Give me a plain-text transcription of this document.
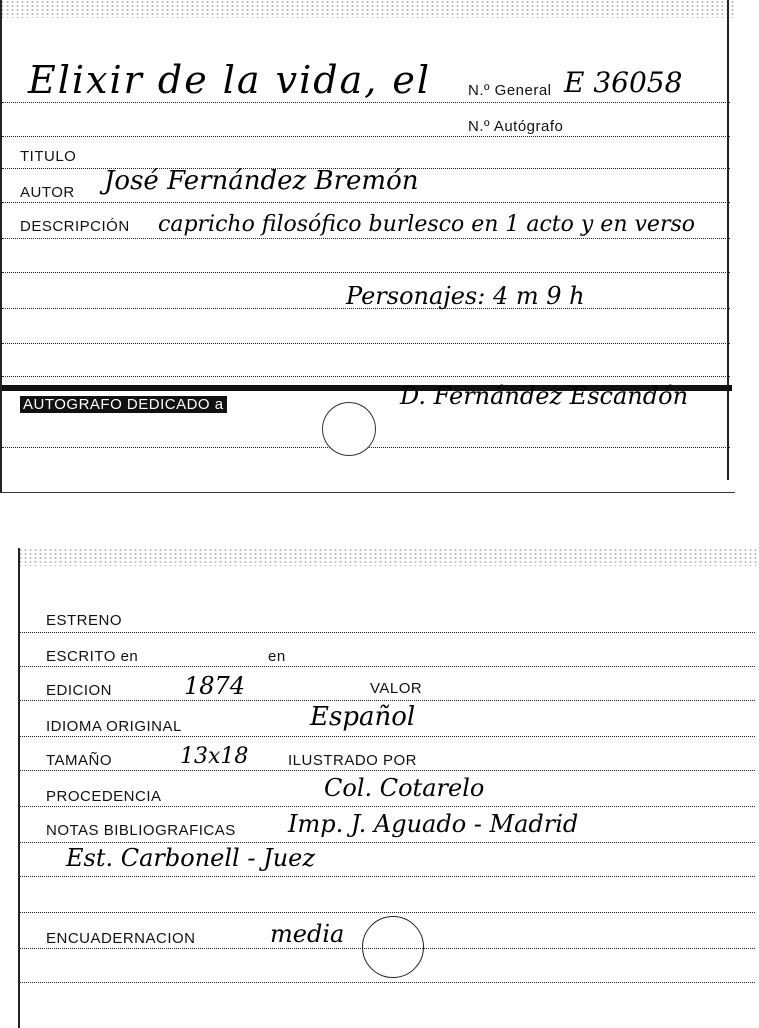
Elixir de la vida, el N.º General E 36058
N.º Autógrafo
TITULO
AUTOR José Fernández Bremón
DESCRIPCIÓN capricho filosófico burlesco en 1 acto y en verso
Personajes: 4 m 9 h
AUTOGRAFO DEDICADO a	D. Fernández Escandón
ESTRENO
ESCRITO en	en
EDICION	1874	VALOR
IDIOMA ORIGINAL	Español
TAMAÑO	13x18	ILUSTRADO POR
PROCEDENCIA	Col. Cotarelo
NOTAS BIBLIOGRAFICAS Imp. J. Aguado - Madrid
Est. Carbonell - Juez
ENCUADERNACION	media
